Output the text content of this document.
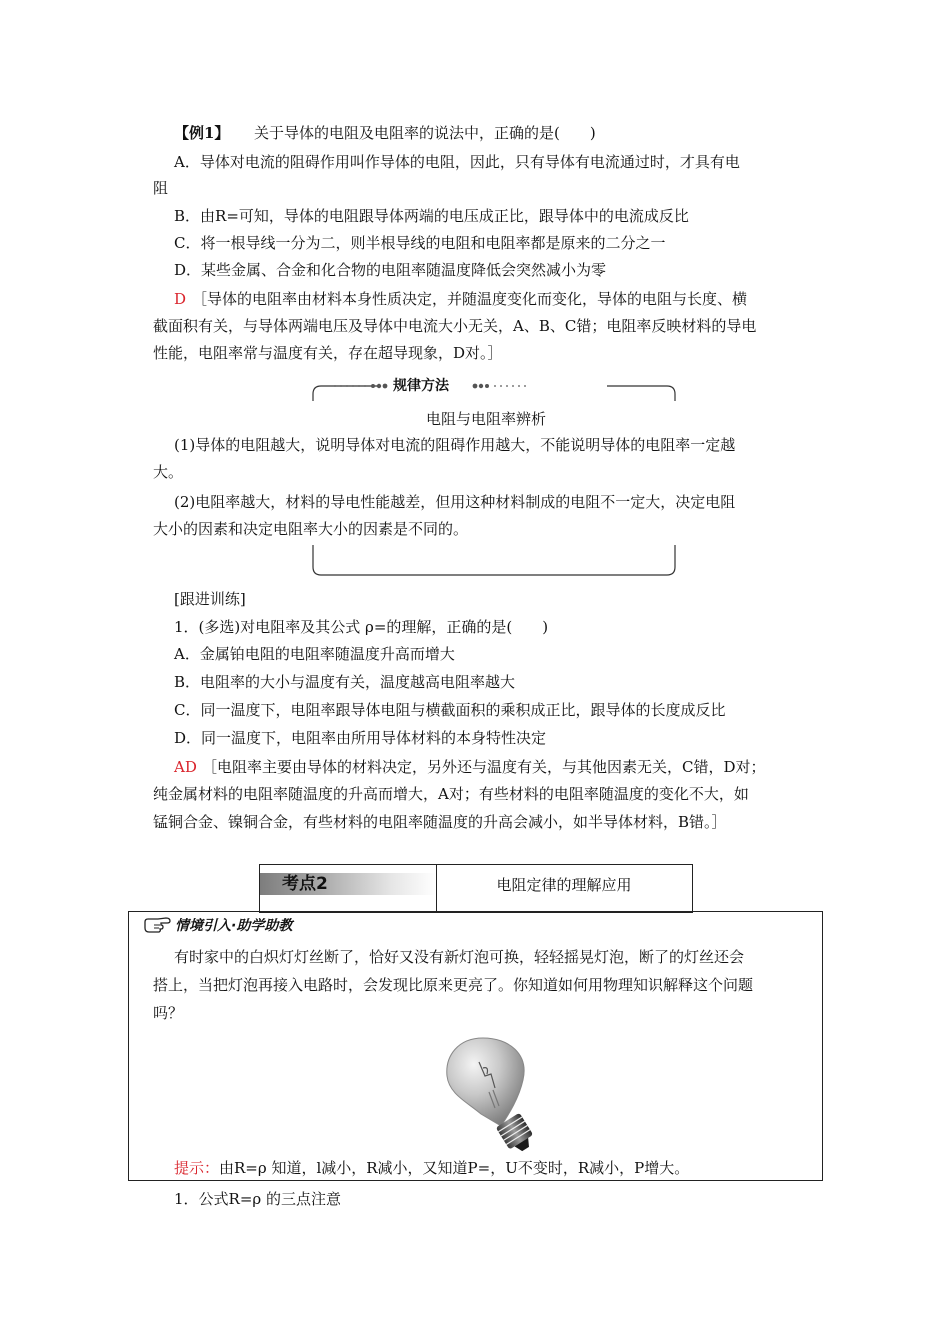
【例1】 关于导体的电阻及电阻率的说法中，正确的是(　　)
A．导体对电流的阻碍作用叫作导体的电阻，因此，只有导体有电流通过时，才具有电
阻
B．由R=可知，导体的电阻跟导体两端的电压成正比，跟导体中的电流成反比
C．将一根导线一分为二，则半根导线的电阻和电阻率都是原来的二分之一
D．某些金属、合金和化合物的电阻率随温度降低会突然减小为零
D ［导体的电阻率由材料本身性质决定，并随温度变化而变化，导体的电阻与长度、横
截面积有关，与导体两端电压及导体中电流大小无关，A、B、C错；电阻率反映材料的导电
性能，电阻率常与温度有关，存在超导现象，D对。］
规律方法
电阻与电阻率辨析
(1)导体的电阻越大，说明导体对电流的阻碍作用越大，不能说明导体的电阻率一定越
大。
(2)电阻率越大，材料的导电性能越差，但用这种材料制成的电阻不一定大，决定电阻
大小的因素和决定电阻率大小的因素是不同的。
[跟进训练]
1．(多选)对电阻率及其公式 ρ=的理解，正确的是(　　)
A．金属铂电阻的电阻率随温度升高而增大
B．电阻率的大小与温度有关，温度越高电阻率越大
C．同一温度下，电阻率跟导体电阻与横截面积的乘积成正比，跟导体的长度成反比
D．同一温度下，电阻率由所用导体材料的本身特性决定
AD ［电阻率主要由导体的材料决定，另外还与温度有关，与其他因素无关，C错，D对；
纯金属材料的电阻率随温度的升高而增大，A对；有些材料的电阻率随温度的变化不大，如
锰铜合金、镍铜合金，有些材料的电阻率随温度的升高会减小，如半导体材料，B错。］
考点2	电阻定律的理解应用
情境引入·助学助教
有时家中的白炽灯灯丝断了，恰好又没有新灯泡可换，轻轻摇晃灯泡，断了的灯丝还会
搭上，当把灯泡再接入电路时，会发现比原来更亮了。你知道如何用物理知识解释这个问题
吗？
提示： 由R=ρ 知道，l减小，R减小，又知道P=，U不变时，R减小，P增大。
1．公式R=ρ 的三点注意
